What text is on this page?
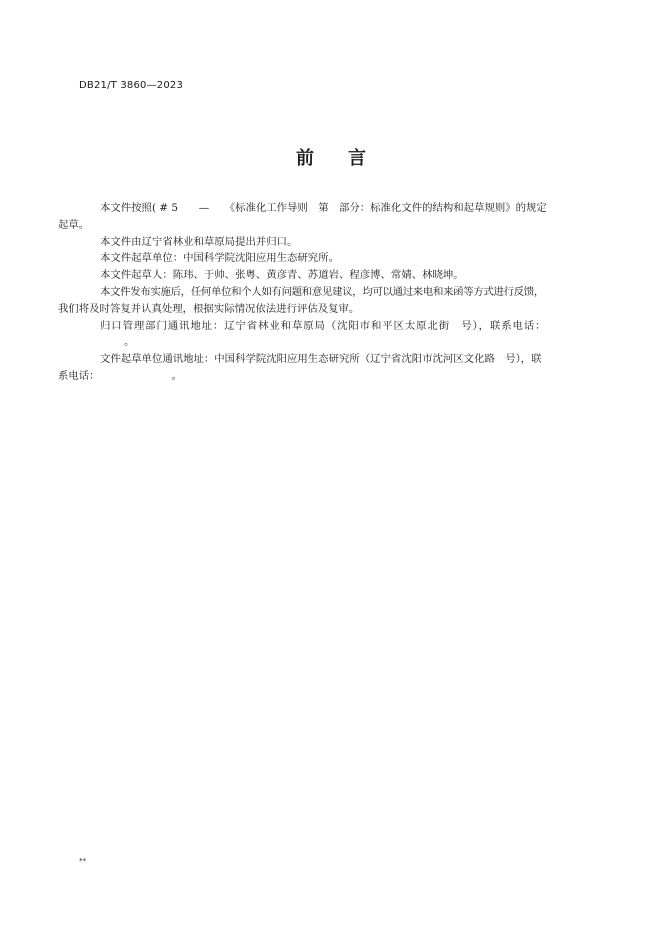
DB21/T 3860—2023
前言

本文件按照( # 5　　—　　《标准化工作导则　第　部分：标准化文件的结构和起草规则》的规定
起草。

本文件由辽宁省林业和草原局提出并归口。

本文件起草单位：中国科学院沈阳应用生态研究所。

本文件起草人：陈玮、于帅、张粤、黄彦青、苏道岩、程彦博、常婧、林晓坤。

本文件发布实施后，任何单位和个人如有问题和意见建议，均可以通过来电和来函等方式进行反馈，
我们将及时答复并认真处理，根据实际情况依法进行评估及复审。

归口管理部门通讯地址：辽宁省林业和草原局（沈阳市和平区太原北街　号），联系电话：
。

文件起草单位通讯地址：中国科学院沈阳应用生态研究所（辽宁省沈阳市沈河区文化路　号），联
系电话：	。

**
